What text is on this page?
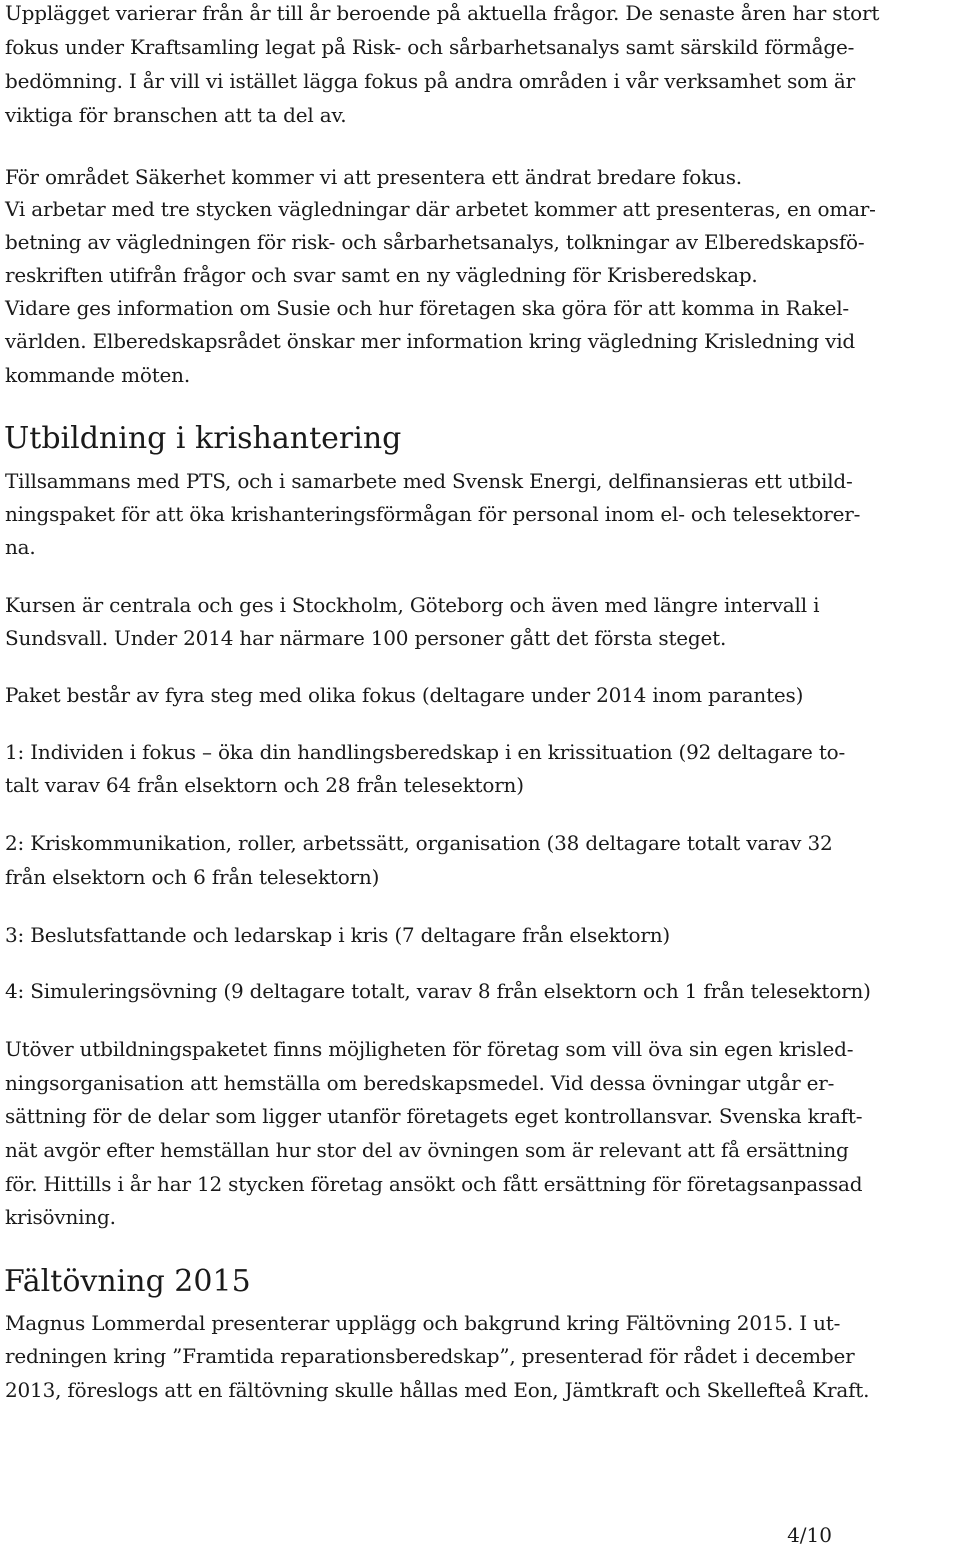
Upplägget varierar från år till år beroende på aktuella frågor. De senaste åren har stort
fokus under Kraftsamling legat på Risk- och sårbarhetsanalys samt särskild förmåge-
bedömning. I år vill vi istället lägga fokus på andra områden i vår verksamhet som är
viktiga för branschen att ta del av.
För området Säkerhet kommer vi att presentera ett ändrat bredare fokus.
Vi arbetar med tre stycken vägledningar där arbetet kommer att presenteras, en omar-
betning av vägledningen för risk- och sårbarhetsanalys, tolkningar av Elberedskapsfö-
reskriften utifrån frågor och svar samt en ny vägledning för Krisberedskap.
Vidare ges information om Susie och hur företagen ska göra för att komma in Rakel-
världen. Elberedskapsrådet önskar mer information kring vägledning Krisledning vid
kommande möten.
Utbildning i krishantering
Tillsammans med PTS, och i samarbete med Svensk Energi, delfinansieras ett utbild-
ningspaket för att öka krishanteringsförmågan för personal inom el- och telesektorer-
na.
Kursen är centrala och ges i Stockholm, Göteborg och även med längre intervall i
Sundsvall. Under 2014 har närmare 100 personer gått det första steget.
Paket består av fyra steg med olika fokus (deltagare under 2014 inom parantes)
1: Individen i fokus – öka din handlingsberedskap i en krissituation (92 deltagare to-
talt varav 64 från elsektorn och 28 från telesektorn)
2: Kriskommunikation, roller, arbetssätt, organisation (38 deltagare totalt varav 32
från elsektorn och 6 från telesektorn)
3: Beslutsfattande och ledarskap i kris (7 deltagare från elsektorn)
4: Simuleringsövning (9 deltagare totalt, varav 8 från elsektorn och 1 från telesektorn)
Utöver utbildningspaketet finns möjligheten för företag som vill öva sin egen krisled-
ningsorganisation att hemställa om beredskapsmedel. Vid dessa övningar utgår er-
sättning för de delar som ligger utanför företagets eget kontrollansvar. Svenska kraft-
nät avgör efter hemställan hur stor del av övningen som är relevant att få ersättning
för. Hittills i år har 12 stycken företag ansökt och fått ersättning för företagsanpassad
krisövning.
Fältövning 2015
Magnus Lommerdal presenterar upplägg och bakgrund kring Fältövning 2015. I ut-
redningen kring ”Framtida reparationsberedskap”, presenterad för rådet i december
2013, föreslogs att en fältövning skulle hållas med Eon, Jämtkraft och Skellefteå Kraft.
4/10
